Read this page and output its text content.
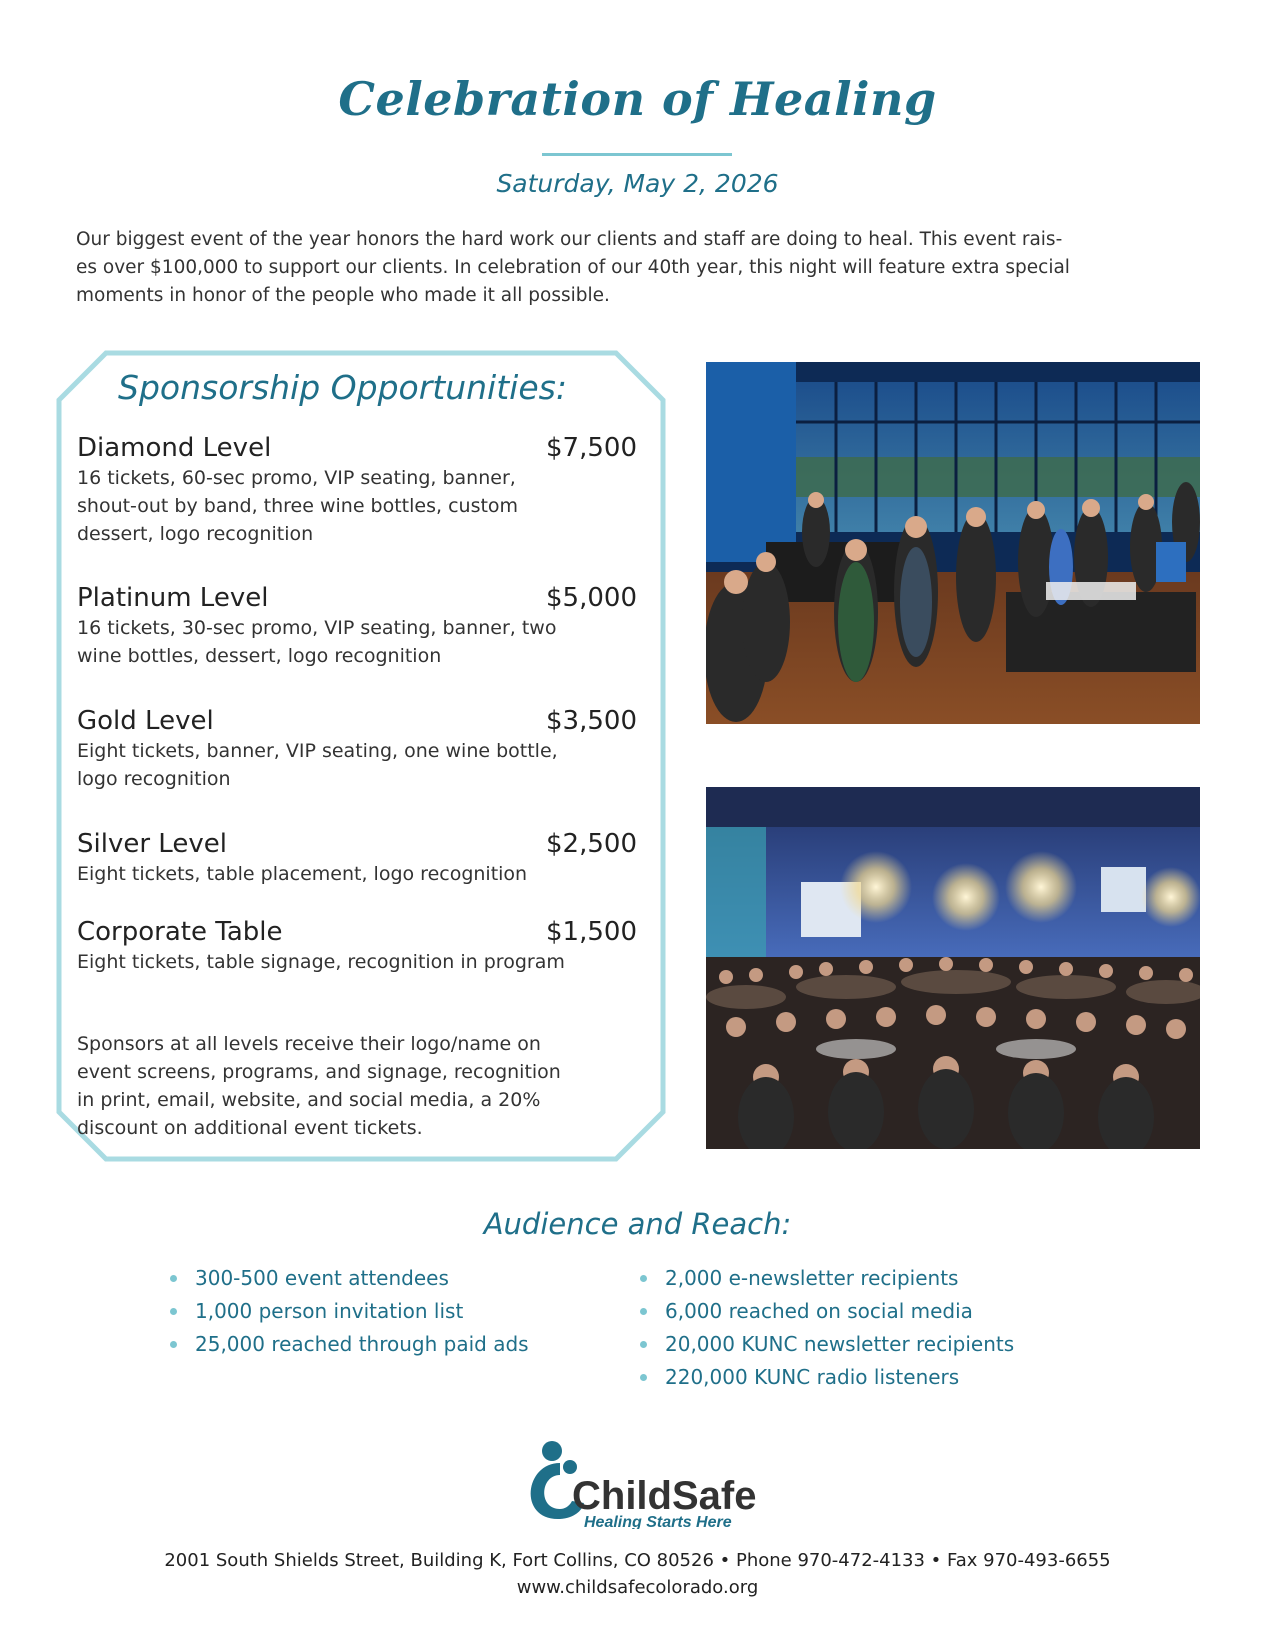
Celebration of Healing
Saturday, May 2, 2026
Our biggest event of the year honors the hard work our clients and staff are doing to heal. This event rais-
es over $100,000 to support our clients. In celebration of our 40th year, this night will feature extra special
moments in honor of the people who made it all possible.
Sponsorship Opportunities:
Diamond Level	$7,500
16 tickets, 60-sec promo, VIP seating, banner,
shout-out by band, three wine bottles, custom
dessert, logo recognition
Platinum Level	$5,000
16 tickets, 30-sec promo, VIP seating, banner, two
wine bottles, dessert, logo recognition
Gold Level	$3,500
Eight tickets, banner, VIP seating, one wine bottle,
logo recognition
Silver Level	$2,500
Eight tickets, table placement, logo recognition
Corporate Table	$1,500
Eight tickets, table signage, recognition in program
Sponsors at all levels receive their logo/name on
event screens, programs, and signage, recognition
in print, email, website, and social media, a 20%
discount on additional event tickets.
Audience and Reach:
300-500 event attendees
1,000 person invitation list
25,000 reached through paid ads
2,000 e-newsletter recipients
6,000 reached on social media
20,000 KUNC newsletter recipients
220,000 KUNC radio listeners
ChildSafe
Healing Starts Here
2001 South Shields Street, Building K, Fort Collins, CO 80526 • Phone 970-472-4133 • Fax 970-493-6655
www.childsafecolorado.org
